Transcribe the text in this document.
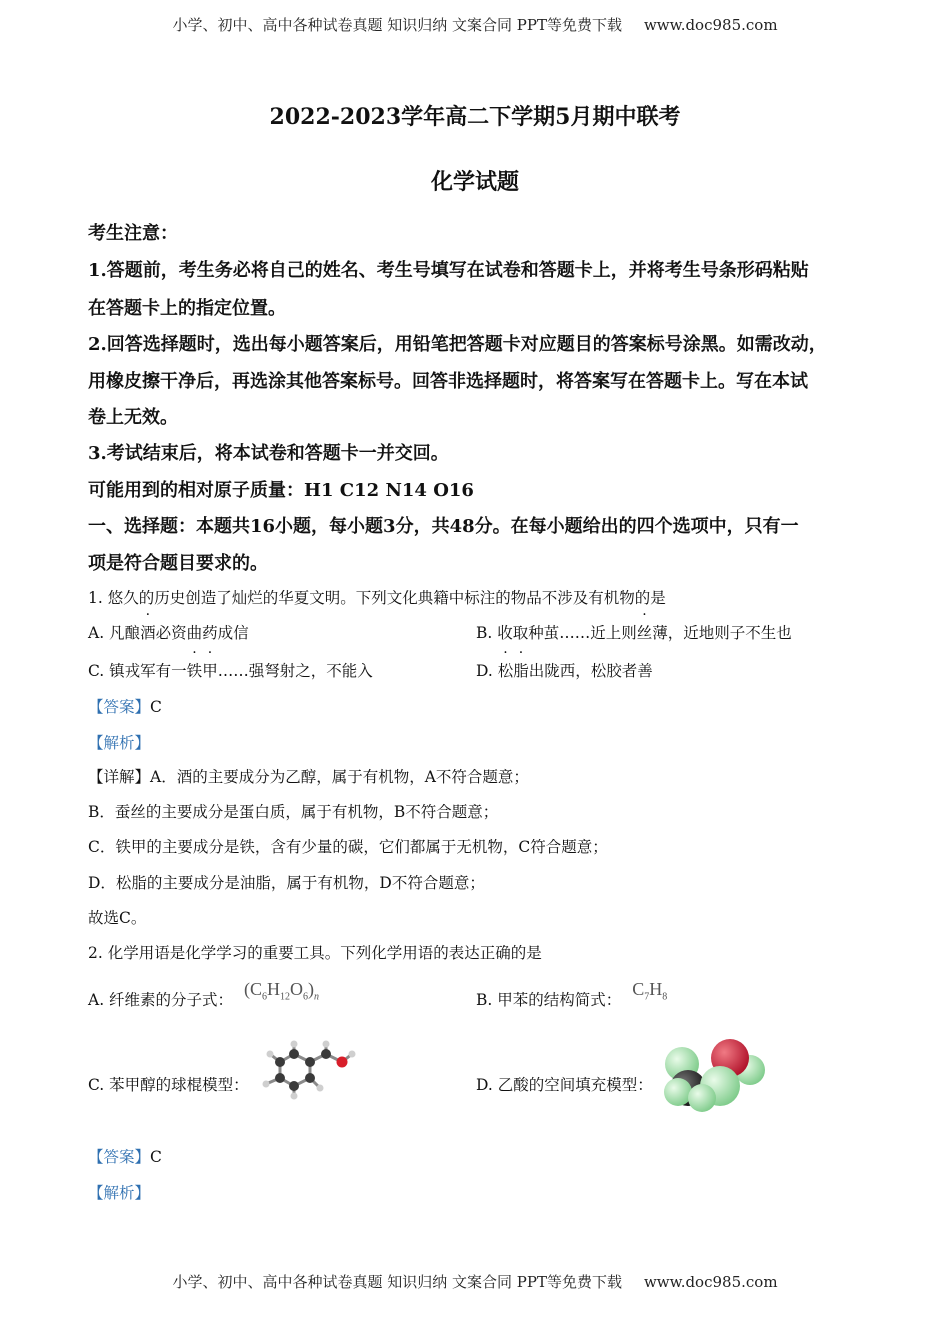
小学、初中、高中各种试卷真题 知识归纳 文案合同 PPT等免费下载 www.doc985.com
2022-2023学年高二下学期5月期中联考
化学试题
考生注意：
1.答题前，考生务必将自己的姓名、考生号填写在试卷和答题卡上，并将考生号条形码粘贴
在答题卡上的指定位置。
2.回答选择题时，选出每小题答案后，用铅笔把答题卡对应题目的答案标号涂黑。如需改动，
用橡皮擦干净后，再选涂其他答案标号。回答非选择题时，将答案写在答题卡上。写在本试
卷上无效。
3.考试结束后，将本试卷和答题卡一并交回。
可能用到的相对原子质量：H1 C12 N14 O16
一、选择题：本题共16小题，每小题3分，共48分。在每小题给出的四个选项中，只有一
项是符合题目要求的。
1. 悠久的历史创造了灿烂的华夏文明。下列文化典籍中标注的物品不涉及有机物的是
A. 凡酿酒必资曲药成信	B. 收取种茧……近上则丝薄，近地则子不生也
C. 镇戎军有一铁甲……强弩射之，不能入	D. 松脂出陇西，松胶者善
【答案】C
【解析】
【详解】A．酒的主要成分为乙醇，属于有机物，A不符合题意；
B．蚕丝的主要成分是蛋白质，属于有机物，B不符合题意；
C．铁甲的主要成分是铁，含有少量的碳，它们都属于无机物，C符合题意；
D．松脂的主要成分是油脂，属于有机物，D不符合题意；
故选C。
2. 化学用语是化学学习的重要工具。下列化学用语的表达正确的是
A. 纤维素的分子式： $(C_6H_{12}O_6)_n$	B. 甲苯的结构简式： $C_7H_8$
C. 苯甲醇的球棍模型：	D. 乙酸的空间填充模型：
【答案】C
【解析】
小学、初中、高中各种试卷真题 知识归纳 文案合同 PPT等免费下载 www.doc985.com
